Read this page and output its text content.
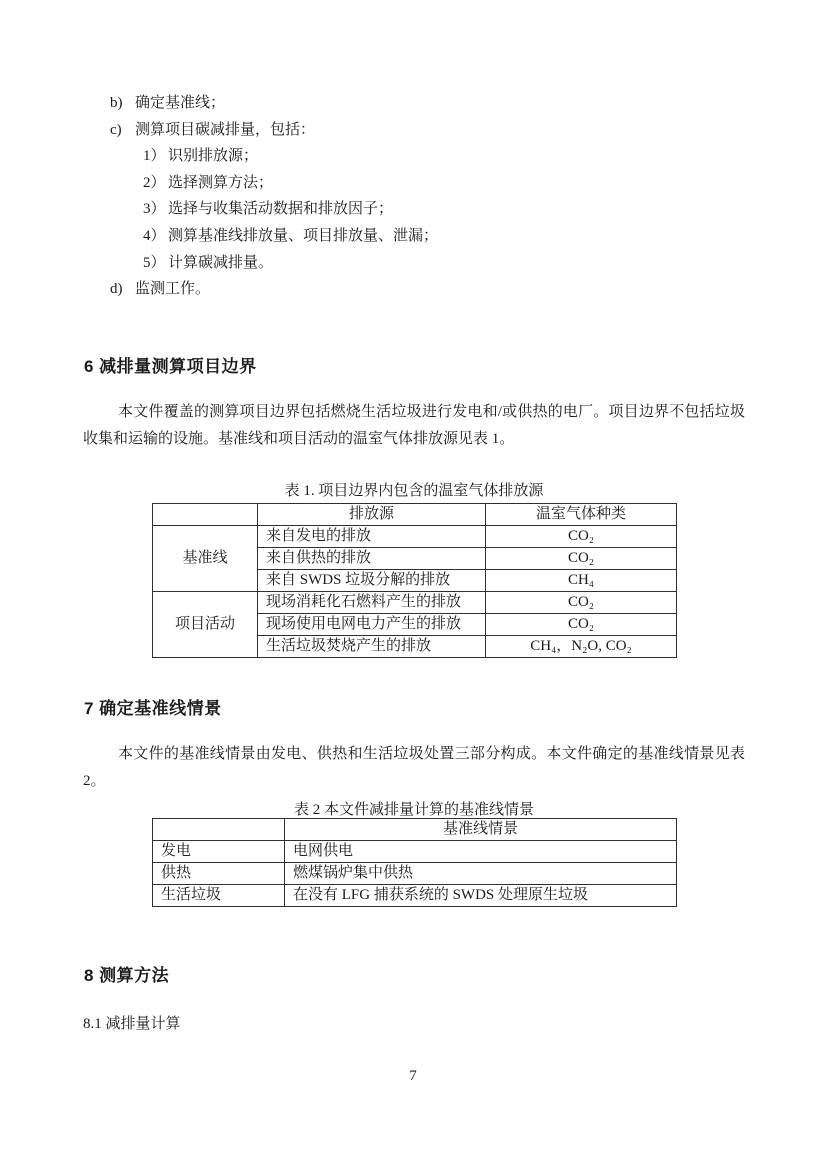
b) 确定基准线；
c) 测算项目碳减排量，包括：
1） 识别排放源；
2） 选择测算方法；
3） 选择与收集活动数据和排放因子；
4） 测算基准线排放量、项目排放量、泄漏；
5） 计算碳减排量。
d) 监测工作。
6 减排量测算项目边界

本文件覆盖的测算项目边界包括燃烧生活垃圾进行发电和/或供热的电厂。项目边界不包括垃圾收集和运输的设施。基准线和项目活动的温室气体排放源见表 1。

表 1. 项目边界内包含的温室气体排放源
	排放源	温室气体种类
基准线	来自发电的排放	CO₂
	来自供热的排放	CO₂
	来自 SWDS 垃圾分解的排放	CH₄
项目活动	现场消耗化石燃料产生的排放	CO₂
	现场使用电网电力产生的排放	CO₂
	生活垃圾焚烧产生的排放	CH₄，N₂O, CO₂
7 确定基准线情景

本文件的基准线情景由发电、供热和生活垃圾处置三部分构成。本文件确定的基准线情景见表 2。

表 2 本文件减排量计算的基准线情景
	基准线情景
发电	电网供电
供热	燃煤锅炉集中供热
生活垃圾	在没有 LFG 捕获系统的 SWDS 处理原生垃圾
8 测算方法
8.1 减排量计算
7
